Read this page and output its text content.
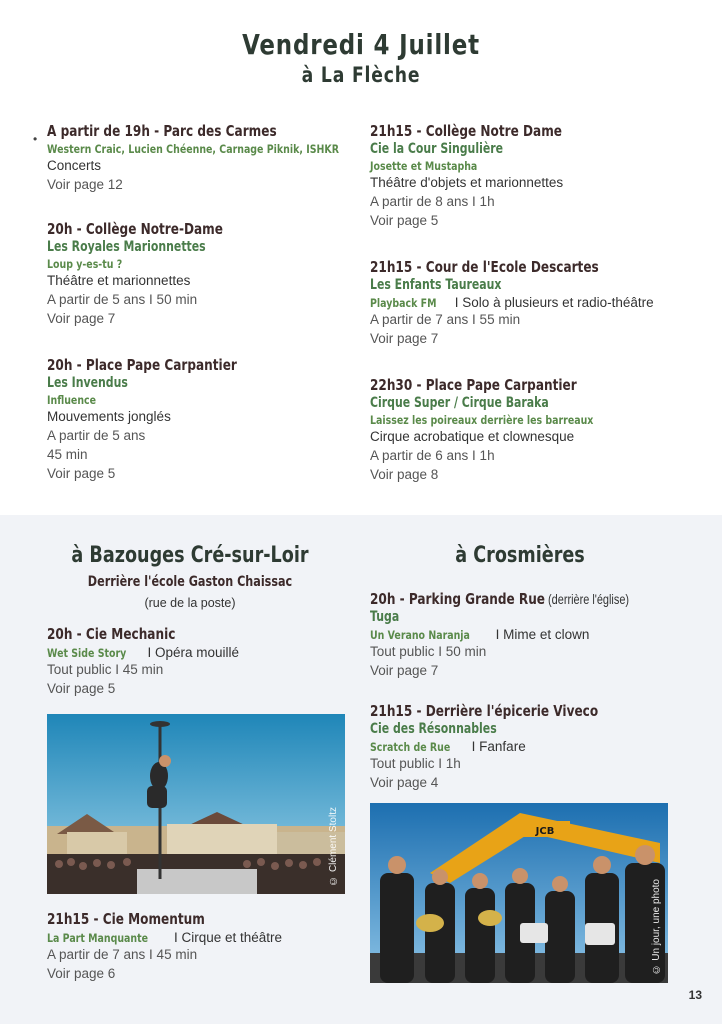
Vendredi 4 Juillet
à La Flèche
• A partir de 19h - Parc des Carmes
Western Craic, Lucien Chéenne, Carnage Piknik, ISHKR
Concerts
Voir page 12
20h - Collège Notre-Dame
Les Royales Marionnettes
Loup y-es-tu ?
Théâtre et marionnettes
A partir de 5 ans I 50 min
Voir page 7
20h - Place Pape Carpantier
Les Invendus
Influence
Mouvements jonglés
A partir de 5 ans
45 min
Voir page 5
21h15 - Collège Notre Dame
Cie la Cour Singulière
Josette et Mustapha
Théâtre d'objets et marionnettes
A partir de 8 ans I 1h
Voir page 5
21h15 - Cour de l'Ecole Descartes
Les Enfants Taureaux
Playback FM I Solo à plusieurs et radio-théâtre
A partir de 7 ans I 55 min
Voir page 7
22h30 - Place Pape Carpantier
Cirque Super / Cirque Baraka
Laissez les poireaux derrière les barreaux
Cirque acrobatique et clownesque
A partir de 6 ans I 1h
Voir page 8
à Bazouges Cré-sur-Loir
Derrière l'école Gaston Chaissac
(rue de la poste)
20h - Cie Mechanic
Wet Side Story I Opéra mouillé
Tout public I 45 min
Voir page 5
© Clément Stoltz
21h15 - Cie Momentum
La Part Manquante I Cirque et théâtre
A partir de 7 ans I 45 min
Voir page 6
à Crosmières
20h - Parking Grande Rue (derrière l'église)
Tuga
Un Verano Naranja I Mime et clown
Tout public I 50 min
Voir page 7
21h15 - Derrière l'épicerie Viveco
Cie des Résonnables
Scratch de Rue I Fanfare
Tout public I 1h
Voir page 4
JCB
© Un jour, une photo
13
